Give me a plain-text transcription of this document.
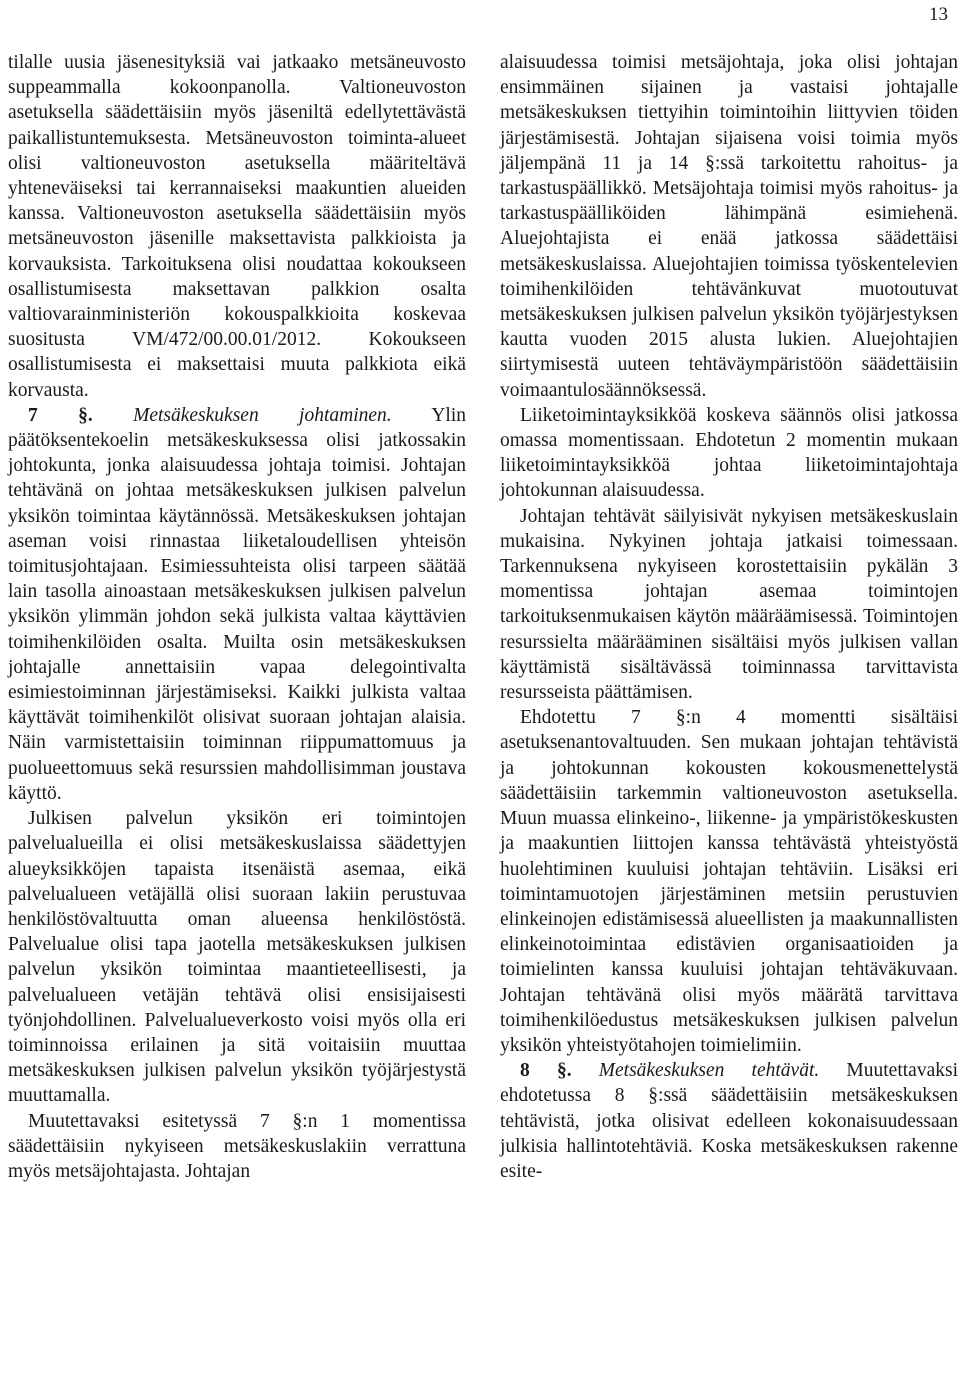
13

tilalle uusia jäsenesityksiä vai jatkaako metsäneuvosto suppeammalla kokoonpanolla. Valtioneuvoston asetuksella säädettäisiin myös jäseniltä edellytettävästä paikallistuntemuksesta. Metsäneuvoston toiminta-alueet olisi valtioneuvoston asetuksella määriteltävä yhteneväiseksi tai kerrannaiseksi maakuntien alueiden kanssa. Valtioneuvoston asetuksella säädettäisiin myös metsäneuvoston jäsenille maksettavista palkkioista ja korvauksista. Tarkoituksena olisi noudattaa kokoukseen osallistumisesta maksettavan palkkion osalta valtiovarainministeriön kokouspalkkioita koskevaa suositusta VM/472/00.00.01/2012. Kokoukseen osallistumisesta ei maksettaisi muuta palkkiota eikä korvausta.

7 §. Metsäkeskuksen johtaminen. Ylin päätöksentekoelin metsäkeskuksessa olisi jatkossakin johtokunta, jonka alaisuudessa johtaja toimisi. Johtajan tehtävänä on johtaa metsäkeskuksen julkisen palvelun yksikön toimintaa käytännössä. Metsäkeskuksen johtajan aseman voisi rinnastaa liiketaloudellisen yhteisön toimitusjohtajaan. Esimiessuhteista olisi tarpeen säätää lain tasolla ainoastaan metsäkeskuksen julkisen palvelun yksikön ylimmän johdon sekä julkista valtaa käyttävien toimihenkilöiden osalta. Muilta osin metsäkeskuksen johtajalle annettaisiin vapaa delegointivalta esimiestoiminnan järjestämiseksi. Kaikki julkista valtaa käyttävät toimihenkilöt olisivat suoraan johtajan alaisia. Näin varmistettaisiin toiminnan riippumattomuus ja puolueettomuus sekä resurssien mahdollisimman joustava käyttö.

Julkisen palvelun yksikön eri toimintojen palvelualueilla ei olisi metsäkeskuslaissa säädettyjen alueyksikköjen tapaista itsenäistä asemaa, eikä palvelualueen vetäjällä olisi suoraan lakiin perustuvaa henkilöstövaltuutta oman alueensa henkilöstöstä. Palvelualue olisi tapa jaotella metsäkeskuksen julkisen palvelun yksikön toimintaa maantieteellisesti, ja palvelualueen vetäjän tehtävä olisi ensisijaisesti työnjohdollinen. Palvelualueverkosto voisi myös olla eri toiminnoissa erilainen ja sitä voitaisiin muuttaa metsäkeskuksen julkisen palvelun yksikön työjärjestystä muuttamalla.

Muutettavaksi esitetyssä 7 §:n 1 momentissa säädettäisiin nykyiseen metsäkeskuslakiin verrattuna myös metsäjohtajasta. Johtajan

alaisuudessa toimisi metsäjohtaja, joka olisi johtajan ensimmäinen sijainen ja vastaisi johtajalle metsäkeskuksen tiettyihin toimintoihin liittyvien töiden järjestämisestä. Johtajan sijaisena voisi toimia myös jäljempänä 11 ja 14 §:ssä tarkoitettu rahoitus- ja tarkastuspäällikkö. Metsäjohtaja toimisi myös rahoitus- ja tarkastuspäälliköiden lähimpänä esimiehenä. Aluejohtajista ei enää jatkossa säädettäisi metsäkeskuslaissa. Aluejohtajien toimissa työskentelevien toimihenkilöiden tehtävänkuvat muotoutuvat metsäkeskuksen julkisen palvelun yksikön työjärjestyksen kautta vuoden 2015 alusta lukien. Aluejohtajien siirtymisestä uuteen tehtäväympäristöön säädettäisiin voimaantulosäännöksessä.

Liiketoimintayksikköä koskeva säännös olisi jatkossa omassa momentissaan. Ehdotetun 2 momentin mukaan liiketoimintayksikköä johtaa liiketoimintajohtaja johtokunnan alaisuudessa.

Johtajan tehtävät säilyisivät nykyisen metsäkeskuslain mukaisina. Nykyinen johtaja jatkaisi toimessaan. Tarkennuksena nykyiseen korostettaisiin pykälän 3 momentissa johtajan asemaa toimintojen tarkoituksenmukaisen käytön määräämisessä. Toimintojen resurssielta määrääminen sisältäisi myös julkisen vallan käyttämistä sisältävässä toiminnassa tarvittavista resursseista päättämisen.

Ehdotettu 7 §:n 4 momentti sisältäisi asetuksenantovaltuuden. Sen mukaan johtajan tehtävistä ja johtokunnan kokousten kokousmenettelystä säädettäisiin tarkemmin valtioneuvoston asetuksella. Muun muassa elinkeino-, liikenne- ja ympäristökeskusten ja maakuntien liittojen kanssa tehtävästä yhteistyöstä huolehtiminen kuuluisi johtajan tehtäviin. Lisäksi eri toimintamuotojen järjestäminen metsiin perustuvien elinkeinojen edistämisessä alueellisten ja maakunnallisten elinkeinotoimintaa edistävien organisaatioiden ja toimielinten kanssa kuuluisi johtajan tehtäväkuvaan. Johtajan tehtävänä olisi myös määrätä tarvittava toimihenkilöedustus metsäkeskuksen julkisen palvelun yksikön yhteistyötahojen toimielimiin.

8 §. Metsäkeskuksen tehtävät. Muutettavaksi ehdotetussa 8 §:ssä säädettäisiin metsäkeskuksen tehtävistä, jotka olisivat edelleen kokonaisuudessaan julkisia hallintotehtäviä. Koska metsäkeskuksen rakenne esite-
